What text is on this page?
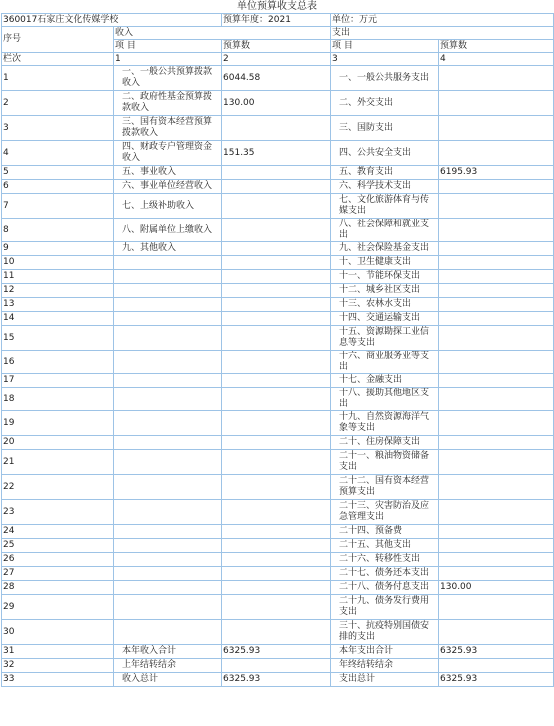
单位预算收支总表
360017石家庄文化传媒学校		预算年度：2021	单位：万元	
序号	收入		支出	
	项 目	预算数	项 目	预算数
栏次	1	2	3	4
1	一、一般公共预算拨款收入	6044.58	一、一般公共服务支出	
2	二、政府性基金预算拨款收入	130.00	二、外交支出	
3	三、国有资本经营预算拨款收入		三、国防支出	
4	四、财政专户管理资金收入	151.35	四、公共安全支出	
5	五、事业收入		五、教育支出	6195.93
6	六、事业单位经营收入		六、科学技术支出	
7	七、上级补助收入		七、文化旅游体育与传媒支出	
8	八、附属单位上缴收入		八、社会保障和就业支出	
9	九、其他收入		九、社会保险基金支出	
10			十、卫生健康支出	
11			十一、节能环保支出	
12			十二、城乡社区支出	
13			十三、农林水支出	
14			十四、交通运输支出	
15			十五、资源勘探工业信息等支出	
16			十六、商业服务业等支出	
17			十七、金融支出	
18			十八、援助其他地区支出	
19			十九、自然资源海洋气象等支出	
20			二十、住房保障支出	
21			二十一、粮油物资储备支出	
22			二十二、国有资本经营预算支出	
23			二十三、灾害防治及应急管理支出	
24			二十四、预备费	
25			二十五、其他支出	
26			二十六、转移性支出	
27			二十七、债务还本支出	
28			二十八、债务付息支出	130.00
29			二十九、债务发行费用支出	
30			三十、抗疫特别国债安排的支出	
31	本年收入合计	6325.93	本年支出合计	6325.93
32	上年结转结余		年终结转结余	
33	收入总计	6325.93	支出总计	6325.93
